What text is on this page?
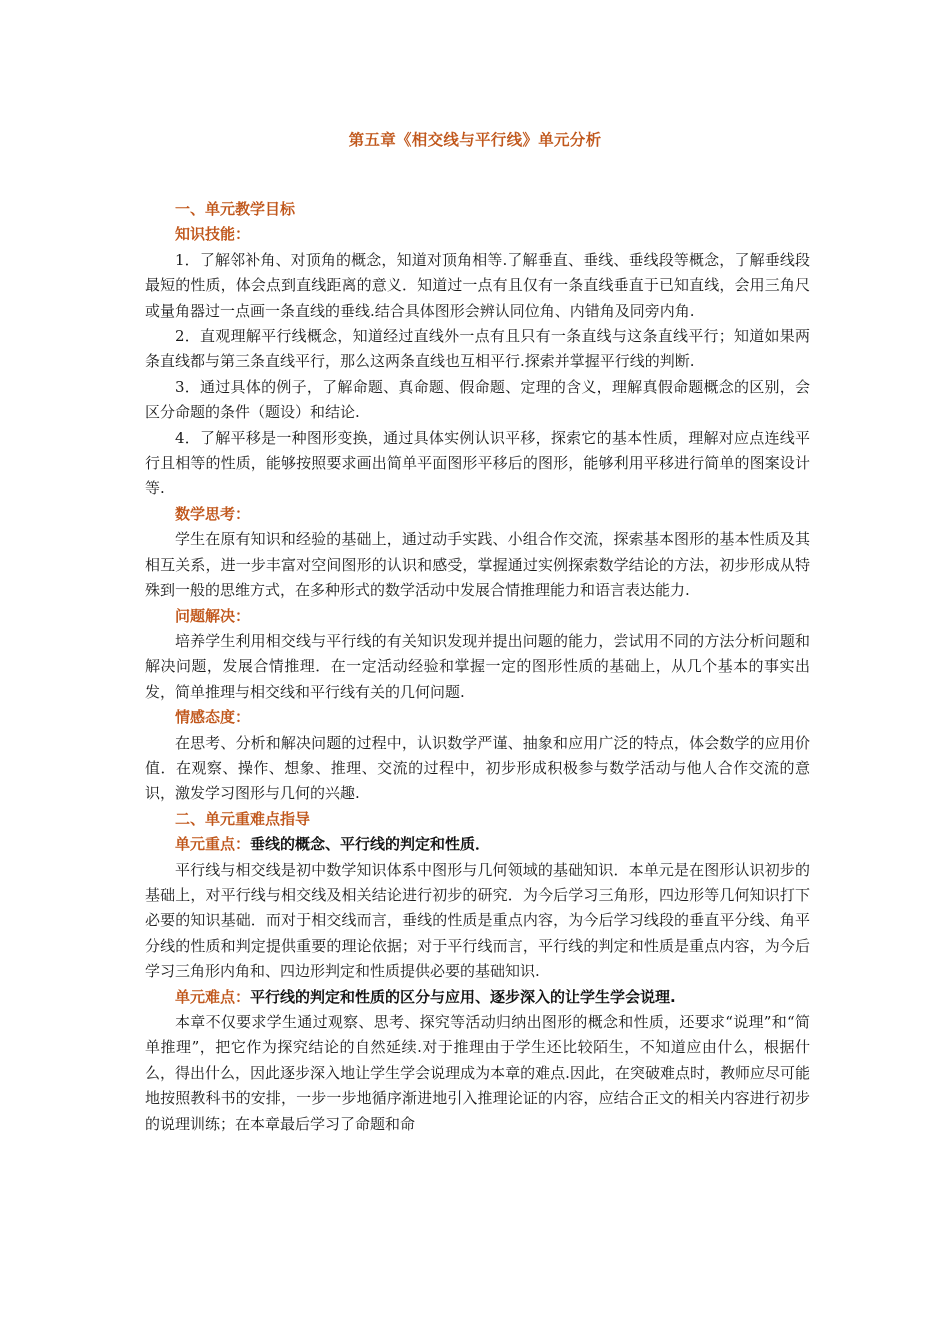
第五章《相交线与平行线》单元分析

一、单元教学目标

知识技能：

1．了解邻补角、对顶角的概念，知道对顶角相等.了解垂直、垂线、垂线段等概念，了解垂线段最短的性质，体会点到直线距离的意义．知道过一点有且仅有一条直线垂直于已知直线，会用三角尺或量角器过一点画一条直线的垂线.结合具体图形会辨认同位角、内错角及同旁内角.

2．直观理解平行线概念，知道经过直线外一点有且只有一条直线与这条直线平行；知道如果两条直线都与第三条直线平行，那么这两条直线也互相平行.探索并掌握平行线的判断.

3．通过具体的例子，了解命题、真命题、假命题、定理的含义，理解真假命题概念的区别，会区分命题的条件（题设）和结论.

4．了解平移是一种图形变换，通过具体实例认识平移，探索它的基本性质，理解对应点连线平行且相等的性质，能够按照要求画出简单平面图形平移后的图形，能够利用平移进行简单的图案设计等.

数学思考：

学生在原有知识和经验的基础上，通过动手实践、小组合作交流，探索基本图形的基本性质及其相互关系，进一步丰富对空间图形的认识和感受，掌握通过实例探索数学结论的方法，初步形成从特殊到一般的思维方式，在多种形式的数学活动中发展合情推理能力和语言表达能力.

问题解决：

培养学生利用相交线与平行线的有关知识发现并提出问题的能力，尝试用不同的方法分析问题和解决问题，发展合情推理．在一定活动经验和掌握一定的图形性质的基础上，从几个基本的事实出发，简单推理与相交线和平行线有关的几何问题.

情感态度：

在思考、分析和解决问题的过程中，认识数学严谨、抽象和应用广泛的特点，体会数学的应用价值．在观察、操作、想象、推理、交流的过程中，初步形成积极参与数学活动与他人合作交流的意识，激发学习图形与几何的兴趣.

二、单元重难点指导

单元重点：垂线的概念、平行线的判定和性质．

平行线与相交线是初中数学知识体系中图形与几何领域的基础知识．本单元是在图形认识初步的基础上，对平行线与相交线及相关结论进行初步的研究．为今后学习三角形，四边形等几何知识打下必要的知识基础．而对于相交线而言，垂线的性质是重点内容，为今后学习线段的垂直平分线、角平分线的性质和判定提供重要的理论依据；对于平行线而言，平行线的判定和性质是重点内容，为今后学习三角形内角和、四边形判定和性质提供必要的基础知识.

单元难点：平行线的判定和性质的区分与应用、逐步深入的让学生学会说理.

本章不仅要求学生通过观察、思考、探究等活动归纳出图形的概念和性质，还要求“说理”和“简单推理”，把它作为探究结论的自然延续.对于推理由于学生还比较陌生，不知道应由什么，根据什么，得出什么，因此逐步深入地让学生学会说理成为本章的难点.因此，在突破难点时，教师应尽可能地按照教科书的安排，一步一步地循序渐进地引入推理论证的内容，应结合正文的相关内容进行初步的说理训练；在本章最后学习了命题和命
